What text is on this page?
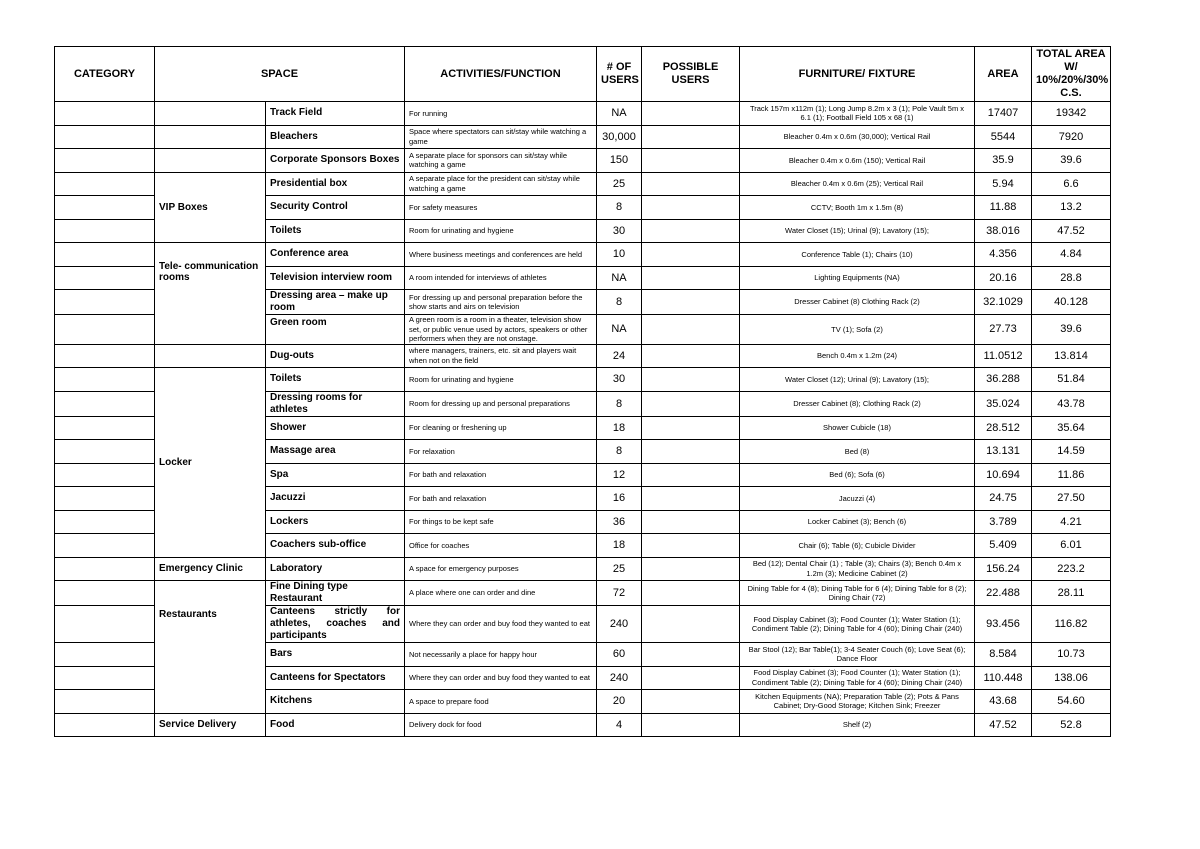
CATEGORY	SPACE		ACTIVITIES/FUNCTION	# OF USERS	POSSIBLE USERS	FURNITURE/ FIXTURE	AREA	TOTAL AREA W/ 10%/20%/30% C.S.
		Track Field	For running	NA		Track 157m x112m (1); Long Jump 8.2m x 3 (1); Pole Vault 5m x 6.1 (1); Football Field 105 x 68 (1)	17407	19342
		Bleachers	Space where spectators can sit/stay while watching a game	30,000		Bleacher 0.4m x 0.6m (30,000); Vertical Rail	5544	7920
		Corporate Sponsors Boxes	A separate place for sponsors can sit/stay while watching a game	150		Bleacher 0.4m x 0.6m (150); Vertical Rail	35.9	39.6
	VIP Boxes	Presidential box	A separate place for the president can sit/stay while watching a game	25		Bleacher 0.4m x 0.6m (25); Vertical Rail	5.94	6.6
		Security Control	For safety measures	8		CCTV; Booth 1m x 1.5m (8)	11.88	13.2
		Toilets	Room for urinating and hygiene	30		Water Closet (15); Urinal (9); Lavatory (15);	38.016	47.52
	Tele- communication rooms	Conference area	Where business meetings and conferences are held	10		Conference Table (1); Chairs (10)	4.356	4.84
		Television interview room	A room intended for interviews of athletes	NA		Lighting Equipments (NA)	20.16	28.8
		Dressing area – make up room	For dressing up and personal preparation before the show starts and airs on television	8		Dresser Cabinet (8) Clothing Rack (2)	32.1029	40.128
		Green room	A green room is a room in a theater, television show set, or public venue used by actors, speakers or other performers when they are not onstage.	NA		TV (1); Sofa (2)	27.73	39.6
		Dug-outs	where managers, trainers, etc. sit and players wait when not on the field	24		Bench 0.4m x 1.2m (24)	11.0512	13.814
	Locker	Toilets	Room for urinating and hygiene	30		Water Closet (12); Urinal (9); Lavatory (15);	36.288	51.84
		Dressing rooms for athletes	Room for dressing up and personal preparations	8		Dresser Cabinet (8); Clothing Rack (2)	35.024	43.78
		Shower	For cleaning or freshening up	18		Shower Cubicle (18)	28.512	35.64
		Massage area	For relaxation	8		Bed (8)	13.131	14.59
		Spa	For bath and relaxation	12		Bed (6); Sofa (6)	10.694	11.86
		Jacuzzi	For bath and relaxation	16		Jacuzzi (4)	24.75	27.50
		Lockers	For things to be kept safe	36		Locker Cabinet (3); Bench (6)	3.789	4.21
		Coachers sub-office	Office for coaches	18		Chair (6); Table (6); Cubicle Divider	5.409	6.01
	Emergency Clinic	Laboratory	A space for emergency purposes	25		Bed (12); Dental Chair (1) ; Table (3); Chairs (3); Bench 0.4m x 1.2m (3); Medicine Cabinet (2)	156.24	223.2
	Restaurants	Fine Dining type Restaurant	A place where one can order and dine	72		Dining Table for 4 (8); Dining Table for 6 (4); Dining Table for 8 (2); Dining Chair (72)	22.488	28.11
		Canteens strictly for athletes, coaches and participants	Where they can order and buy food they wanted to eat	240		Food Display Cabinet (3); Food Counter (1); Water Station (1); Condiment Table (2); Dining Table for 4 (60); Dining Chair (240)	93.456	116.82
		Bars	Not necessarily a place for happy hour	60		Bar Stool (12); Bar Table(1); 3-4 Seater Couch (6); Love Seat (6); Dance Floor	8.584	10.73
		Canteens for Spectators	Where they can order and buy food they wanted to eat	240		Food Display Cabinet (3); Food Counter (1); Water Station (1); Condiment Table (2); Dining Table for 4 (60); Dining Chair (240)	110.448	138.06
		Kitchens	A space to prepare food	20		Kitchen Equipments (NA); Preparation Table (2); Pots & Pans Cabinet; Dry-Good Storage; Kitchen Sink; Freezer	43.68	54.60
	Service Delivery	Food	Delivery dock for food	4		Shelf (2)	47.52	52.8
